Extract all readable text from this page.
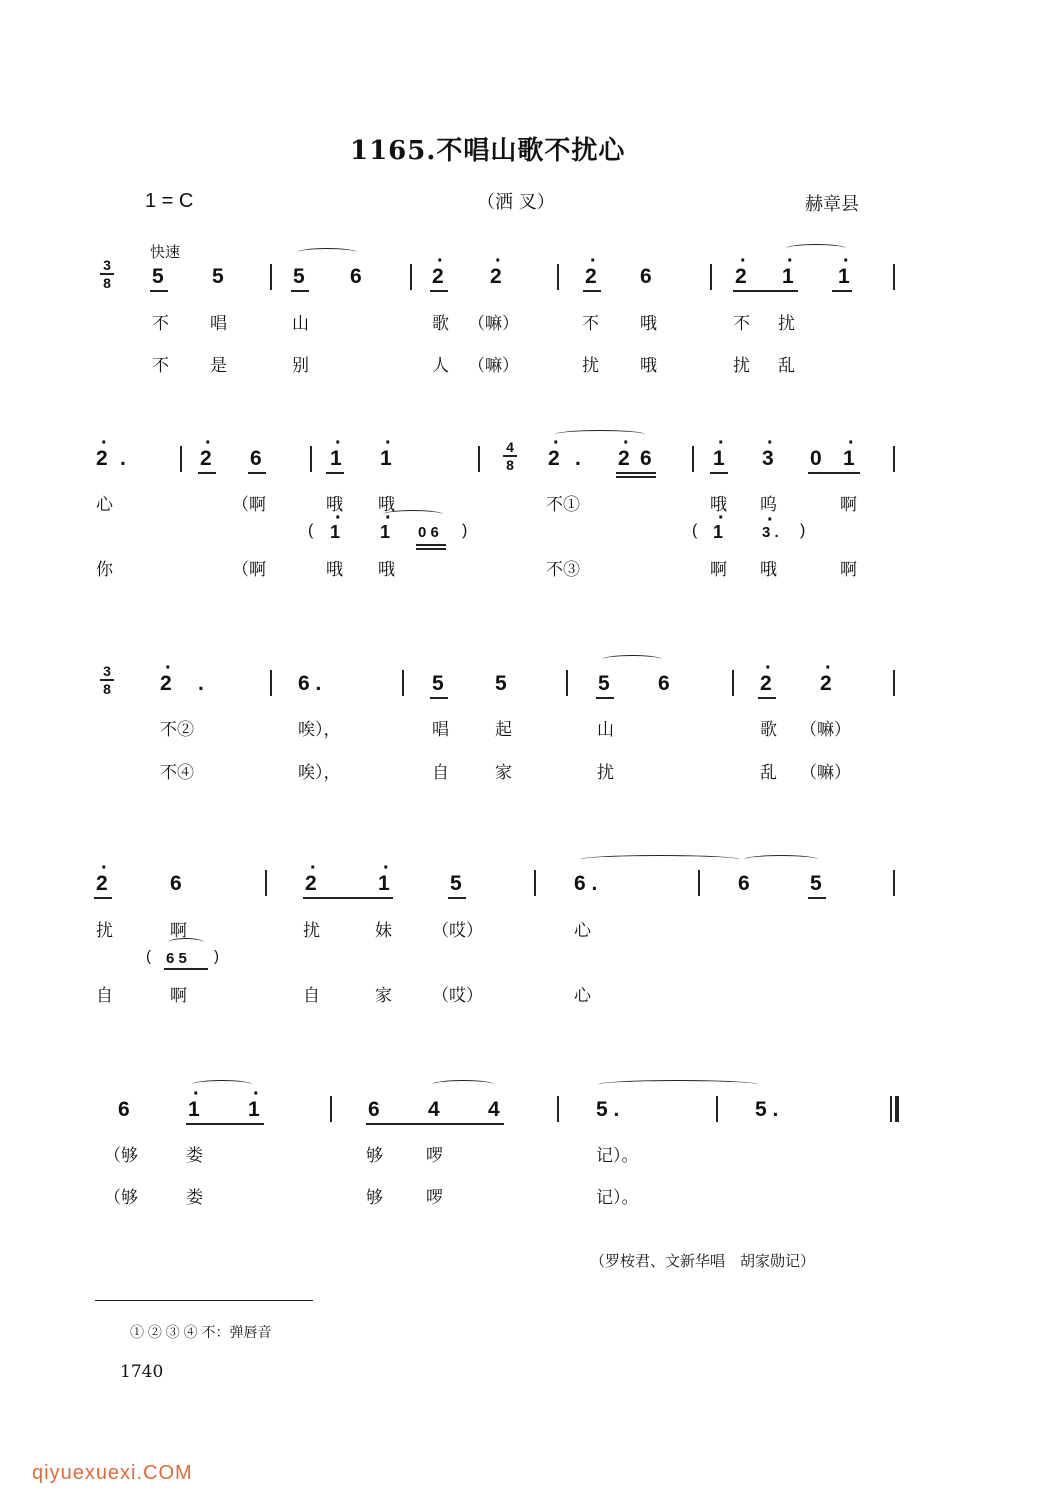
1165.不唱山歌不扰心
1 = C	（洒 叉）	赫章县
快速
3
8 5 5	5 6	· 2 · 2	· 2 6	· 2 · 1 · 1
不 唱	山	歌 （嘛）	不 哦	不 扰
不 是	别	人 （嘛）	扰 哦	扰 乱
· 2 .	· 2 6	· 1 · 1	4
8 · 2 . · 2 6	· 1 · 3 0 · 1
心	（啊	哦 哦	不①	哦 呜	啊
( · 1 · 1 0 6 )	( · 1	· 3 . )
你	（啊	哦 哦	不③	啊 哦	啊
3
8 · 2 .	6 .	5 5	5 6	· 2 · 2
不②	唉），	唱	起	山	歌 （嘛）
不④	唉），	自	家	扰	乱 （嘛）
· 2	6	· 2	· 1	5	6 .	6	5
扰	啊	扰	妹 （哎）	心
( 6 5 )
自	啊	自	家 （哎）	心
6	· 1 · 1	6 4 4	5 .	5 .
（够	娄	够	啰	记）。
（够	娄	够	啰	记）。
（罗桉君、文新华唱　胡家勋记）
① ② ③ ④ 不：弹唇音
1740
qiyuexuexi.COM
